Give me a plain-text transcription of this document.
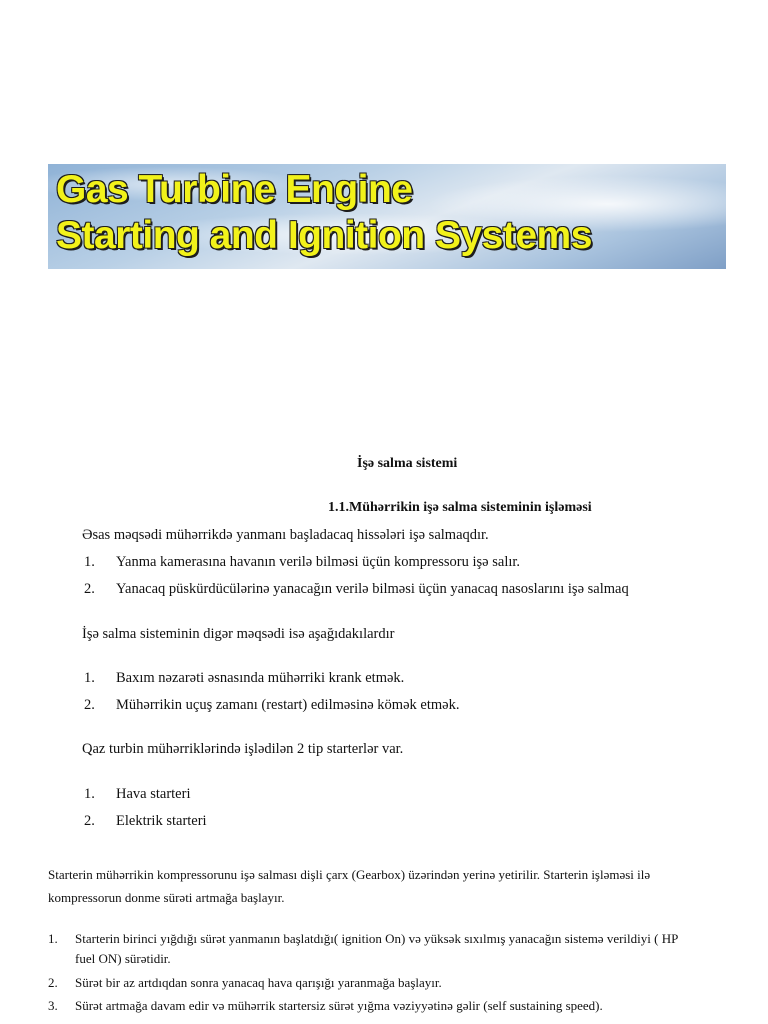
Gas Turbine Engine

Starting and Ignition Systems

İşə salma sistemi

1.1.Mühərrikin işə salma sisteminin işləməsi

Əsas məqsədi mühərrikdə yanmanı başladacaq hissələri işə salmaqdır.

1. Yanma kamerasına havanın verilə bilməsi üçün kompressoru işə salır.

2. Yanacaq püskürdücülərinə yanacağın verilə bilməsi üçün yanacaq nasoslarını işə salmaq

İşə salma sisteminin digər məqsədi isə aşağıdakılardır

1. Baxım nəzarəti əsnasında mühərriki krank etmək.

2. Mühərrikin uçuş zamanı (restart) edilməsinə kömək etmək.

Qaz turbin mühərriklərində işlədilən 2 tip starterlər var.

1. Hava starteri

2. Elektrik starteri

Starterin mühərrikin kompressorunu işə salması dişli çarx (Gearbox) üzərindən yerinə yetirilir. Starterin işləməsi ilə

kompressorun donme sürəti artmağa başlayır.

1. Starterin birinci yığdığı sürət yanmanın başlatdığı( ignition On) və yüksək sıxılmış yanacağın sistemə verildiyi ( HP

fuel ON) sürətidir.

2. Sürət bir az artdıqdan sonra yanacaq hava qarışığı yaranmağa başlayır.

3. Sürət artmağa davam edir və mühərrik startersiz sürət yığma vəziyyətinə gəlir (self sustaining speed).
